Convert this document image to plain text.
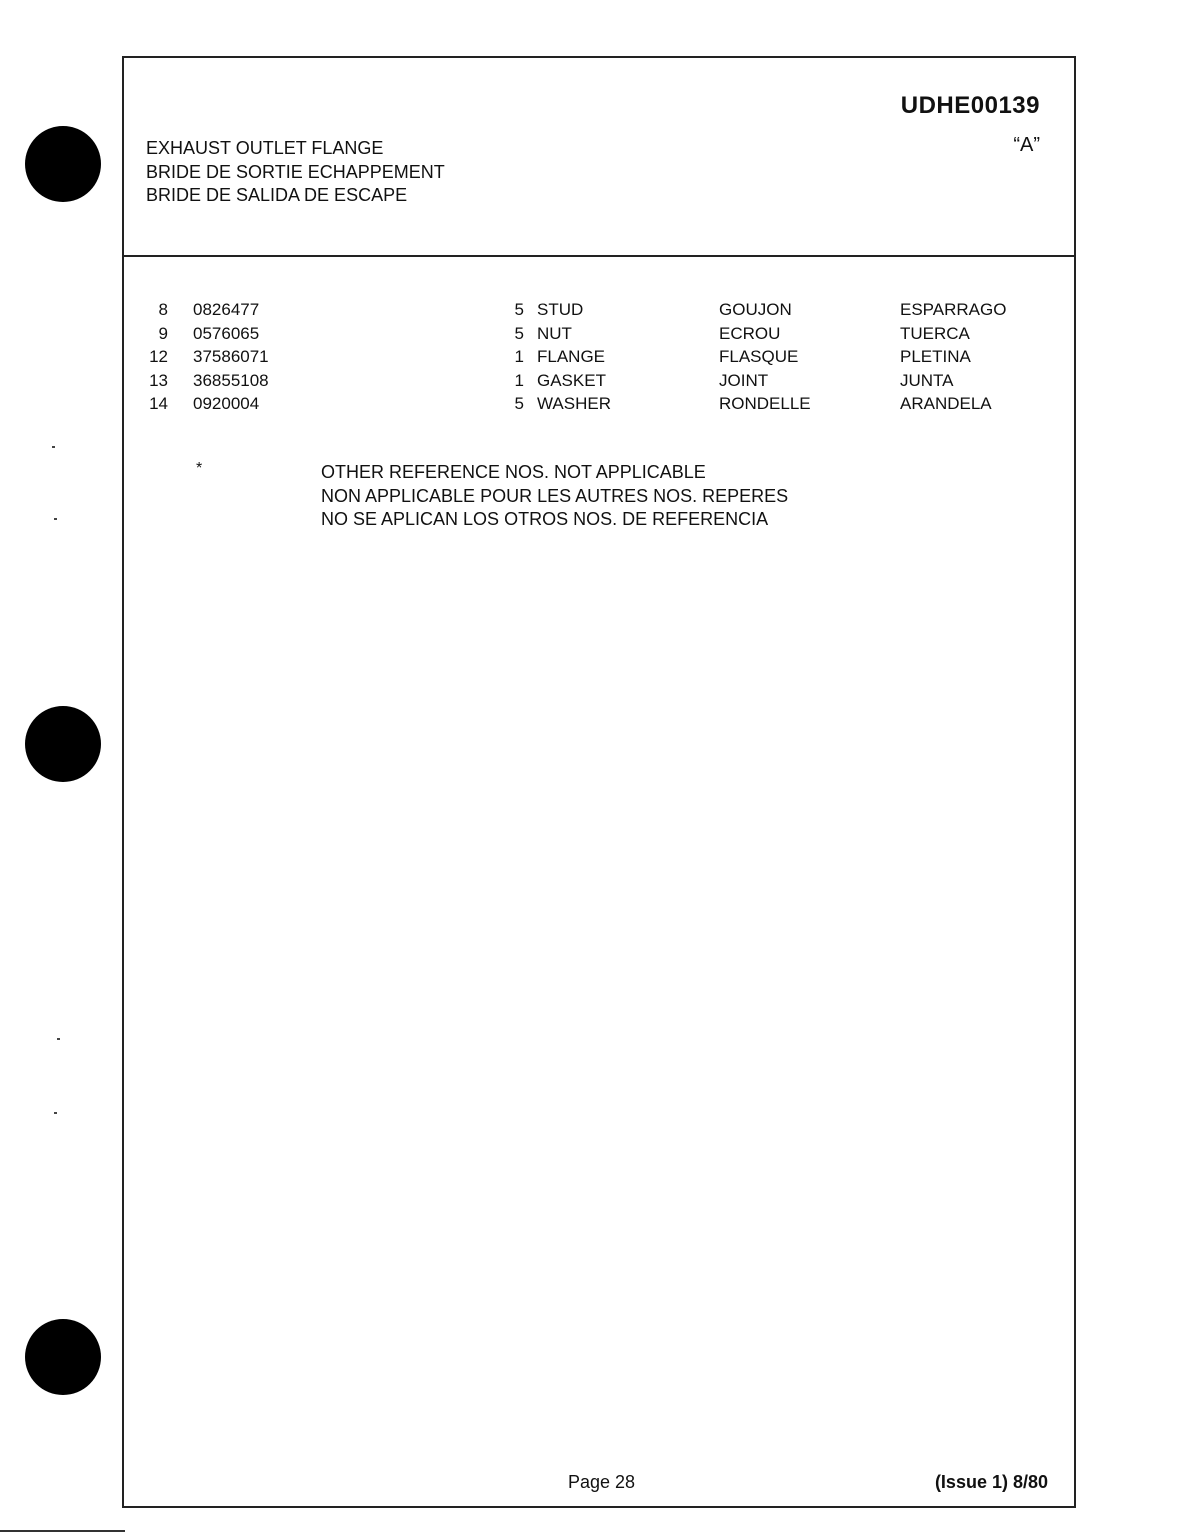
UDHE00139
“A”
EXHAUST OUTLET FLANGE
BRIDE DE SORTIE ECHAPPEMENT
BRIDE DE SALIDA DE ESCAPE
8 0826477	5 STUD	GOUJON	ESPARRAGO
9 0576065	5 NUT	ECROU	TUERCA
12 37586071	1 FLANGE	FLASQUE	PLETINA
13 36855108	1 GASKET	JOINT	JUNTA
14 0920004	5 WASHER	RONDELLE	ARANDELA
*	OTHER REFERENCE NOS. NOT APPLICABLE
NON APPLICABLE POUR LES AUTRES NOS. REPERES
NO SE APLICAN LOS OTROS NOS. DE REFERENCIA
Page 28	(Issue 1) 8/80
